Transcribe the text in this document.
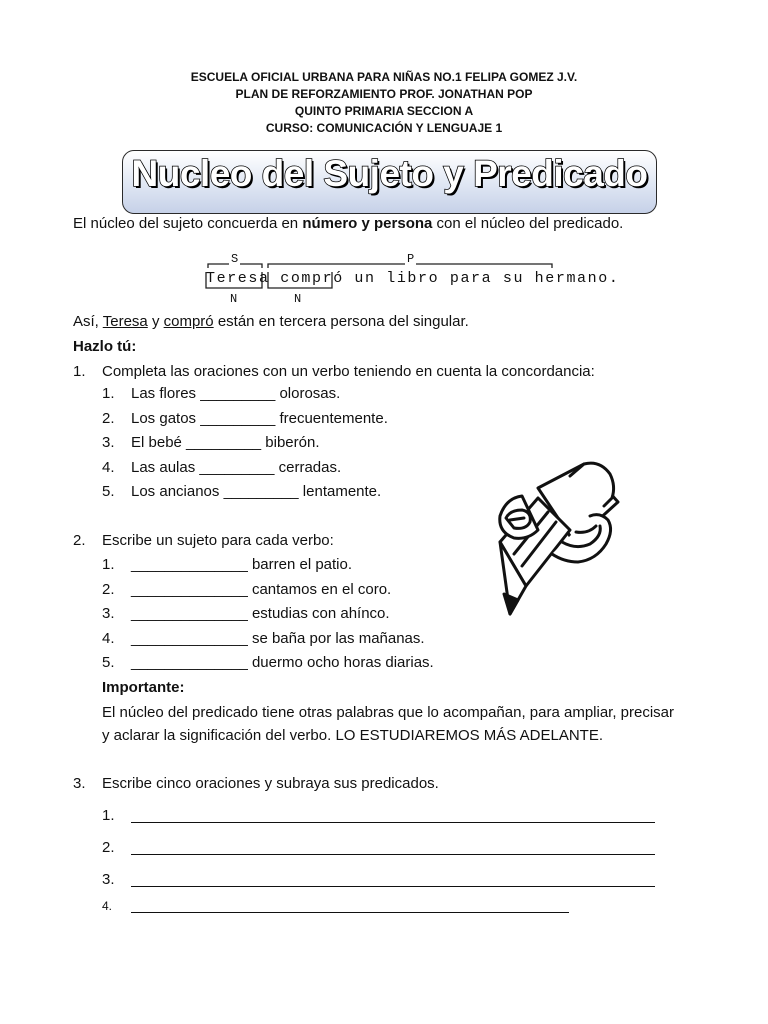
ESCUELA OFICIAL URBANA PARA NIÑAS NO.1 FELIPA GOMEZ J.V.
PLAN DE REFORZAMIENTO PROF. JONATHAN POP
QUINTO PRIMARIA SECCION A
CURSO: COMUNICACIÓN Y LENGUAJE 1
Nucleo del Sujeto y Predicado
El núcleo del sujeto concuerda en número y persona con el núcleo del predicado.
S	P
Teresa compró un libro para su hermano.
N	N
Así, Teresa y compró están en tercera persona del singular.
Hazlo tú:
1. Completa las oraciones con un verbo teniendo en cuenta la concordancia:
1. Las flores _________ olorosas.
2. Los gatos _________ frecuentemente.
3. El bebé _________ biberón.
4. Las aulas _________ cerradas.
5. Los ancianos _________ lentamente.
2. Escribe un sujeto para cada verbo:
1. ______________ barren el patio.
2. ______________ cantamos en el coro.
3. ______________ estudias con ahínco.
4. ______________ se baña por las mañanas.
5. ______________ duermo ocho horas diarias.
Importante:
El núcleo del predicado tiene otras palabras que lo acompañan, para ampliar, precisar
y aclarar la significación del verbo. LO ESTUDIAREMOS MÁS ADELANTE.
3. Escribe cinco oraciones y subraya sus predicados.
1.
2.
3.
4.
